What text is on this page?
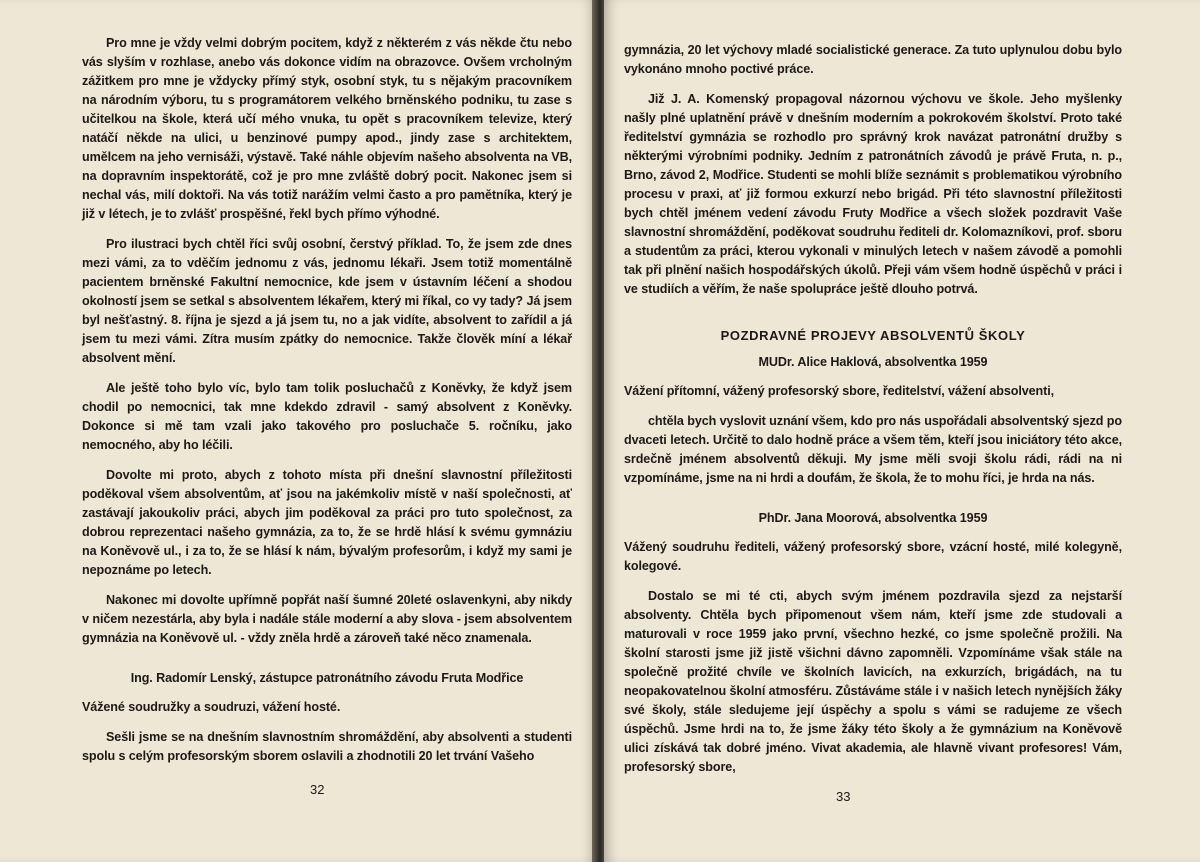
Pro mne je vždy velmi dobrým pocitem, když z některém z vás někde čtu nebo vás slyším v rozhlase, anebo vás dokonce vidím na obrazovce. Ovšem vrcholným zážitkem pro mne je vždycky přímý styk, osobní styk, tu s nějakým pracovníkem na národním výboru, tu s programátorem velkého brněnského podniku, tu zase s učitelkou na škole, která učí mého vnuka, tu opět s pracovníkem televize, který natáčí někde na ulici, u benzinové pumpy apod., jindy zase s architektem, umělcem na jeho vernisáži, výstavě. Také náhle objevím našeho absolventa na VB, na dopravním inspektorátě, což je pro mne zvláště dobrý pocit. Nakonec jsem si nechal vás, milí doktoři. Na vás totiž narážím velmi často a pro pamětníka, který je již v létech, je to zvlášť prospěšné, řekl bych přímo výhodné.

Pro ilustraci bych chtěl říci svůj osobní, čerstvý příklad. To, že jsem zde dnes mezi vámi, za to vděčím jednomu z vás, jednomu lékaři. Jsem totiž momentálně pacientem brněnské Fakultní nemocnice, kde jsem v ústavním léčení a shodou okolností jsem se setkal s absolventem lékařem, který mi říkal, co vy tady? Já jsem byl nešťastný. 8. října je sjezd a já jsem tu, no a jak vidíte, absolvent to zařídil a já jsem tu mezi vámi. Zítra musím zpátky do nemocnice. Takže člověk míní a lékař absolvent mění.

Ale ještě toho bylo víc, bylo tam tolik posluchačů z Koněvky, že když jsem chodil po nemocnici, tak mne kdekdo zdravil - samý absolvent z Koněvky. Dokonce si mě tam vzali jako takového pro posluchače 5. ročníku, jako nemocného, aby ho léčili.

Dovolte mi proto, abych z tohoto místa při dnešní slavnostní příležitosti poděkoval všem absolventům, ať jsou na jakémkoliv místě v naší společnosti, ať zastávají jakoukoliv práci, abych jim poděkoval za práci pro tuto společnost, za dobrou reprezentaci našeho gymnázia, za to, že se hrdě hlásí k svému gymnáziu na Koněvově ul., i za to, že se hlásí k nám, bývalým profesorům, i když my sami je nepoznáme po letech.

Nakonec mi dovolte upřímně popřát naší šumné 20leté oslavenkyni, aby nikdy v ničem nezestárla, aby byla i nadále stále moderní a aby slova - jsem absolventem gymnázia na Koněvově ul. - vždy zněla hrdě a zároveň také něco znamenala.

Ing. Radomír Lenský, zástupce patronátního závodu Fruta Modřice

Vážené soudružky a soudruzi, vážení hosté.

Sešli jsme se na dnešním slavnostním shromáždění, aby absolventi a studenti spolu s celým profesorským sborem oslavili a zhodnotili 20 let trvání Vašeho

32

gymnázia, 20 let výchovy mladé socialistické generace. Za tuto uplynulou dobu bylo vykonáno mnoho poctivé práce.

Již J. A. Komenský propagoval názornou výchovu ve škole. Jeho myšlenky našly plné uplatnění právě v dnešním moderním a pokrokovém školství. Proto také ředitelství gymnázia se rozhodlo pro správný krok navázat patronátní družby s některými výrobními podniky. Jedním z patronátních závodů je právě Fruta, n. p., Brno, závod 2, Modřice. Studenti se mohli blíže seznámit s problematikou výrobního procesu v praxi, ať již formou exkurzí nebo brigád. Při této slavnostní příležitosti bych chtěl jménem vedení závodu Fruty Modřice a všech složek pozdravit Vaše slavnostní shromáždění, poděkovat soudruhu řediteli dr. Kolomazníkovi, prof. sboru a studentům za práci, kterou vykonali v minulých letech v našem závodě a pomohli tak při plnění našich hospodářských úkolů. Přeji vám všem hodně úspěchů v práci i ve studiích a věřím, že naše spolupráce ještě dlouho potrvá.

POZDRAVNÉ PROJEVY ABSOLVENTŮ ŠKOLY
MUDr. Alice Haklová, absolventka 1959

Vážení přítomní, vážený profesorský sbore, ředitelství, vážení absolventi,

chtěla bych vyslovit uznání všem, kdo pro nás uspořádali absolventský sjezd po dvaceti letech. Určitě to dalo hodně práce a všem těm, kteří jsou iniciátory této akce, srdečně jménem absolventů děkuji. My jsme měli svoji školu rádi, rádi na ni vzpomínáme, jsme na ni hrdi a doufám, že škola, že to mohu říci, je hrda na nás.

PhDr. Jana Moorová, absolventka 1959

Vážený soudruhu řediteli, vážený profesorský sbore, vzácní hosté, milé kolegyně, kolegové.

Dostalo se mi té cti, abych svým jménem pozdravila sjezd za nejstarší absolventy. Chtěla bych připomenout všem nám, kteří jsme zde studovali a maturovali v roce 1959 jako první, všechno hezké, co jsme společně prožili. Na školní starosti jsme již jistě všichni dávno zapomněli. Vzpomínáme však stále na společně prožité chvíle ve školních lavicích, na exkurzích, brigádách, na tu neopakovatelnou školní atmosféru. Zůstáváme stále i v našich letech nynějších žáky své školy, stále sledujeme její úspěchy a spolu s vámi se radujeme ze všech úspěchů. Jsme hrdi na to, že jsme žáky této školy a že gymnázium na Koněvově ulici získává tak dobré jméno. Vivat akademia, ale hlavně vivant profesores! Vám, profesorský sbore,

33
